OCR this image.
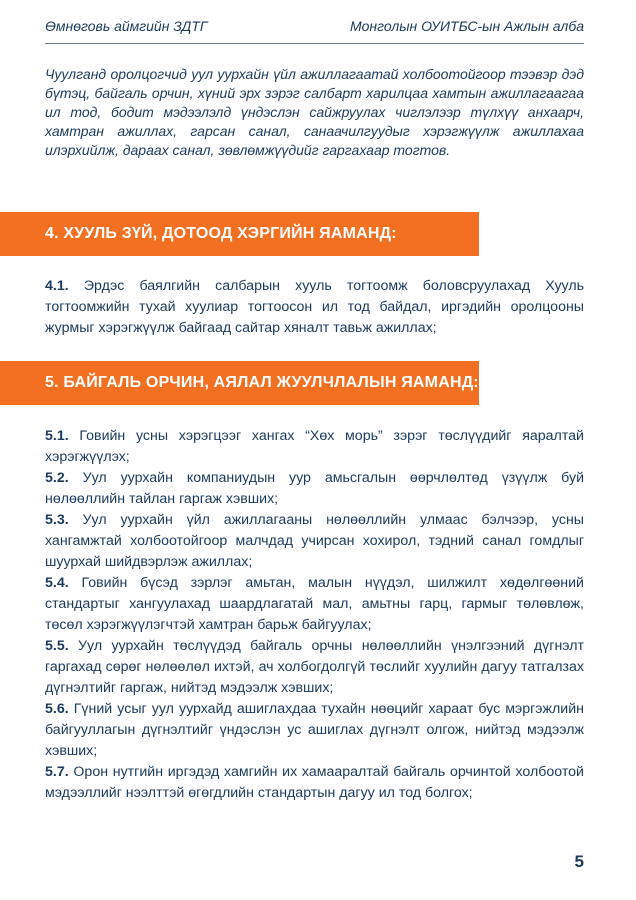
Өмнөговь аймгийн ЗДТГ	Монголын ОУИТБС-ын Ажлын алба

Чуулганд оролцогчид уул уурхайн үйл ажиллагаатай холбоотойгоор тээвэр дэд бүтэц, байгаль орчин, хүний эрх зэрэг салбарт харилцаа хамтын ажиллагаагаа ил тод, бодит мэдээлэлд үндэслэн сайжруулах чиглэлээр түлхүү анхаарч, хамтран ажиллах, гарсан санал, санаачилгуудыг хэрэгжүүлж ажиллахаа илэрхийлж, дараах санал, зөвлөмжүүдийг гаргахаар тогтов.

4. ХУУЛЬ ЗҮЙ, ДОТООД ХЭРГИЙН ЯАМАНД:

4.1. Эрдэс баялгийн салбарын хууль тогтоомж боловсруулахад Хууль тогтоомжийн тухай хуулиар тогтоосон ил тод байдал, иргэдийн оролцооны журмыг хэрэгжүүлж байгаад сайтар хяналт тавьж ажиллах;

5. БАЙГАЛЬ ОРЧИН, АЯЛАЛ ЖУУЛЧЛАЛЫН ЯАМАНД:

5.1. Говийн усны хэрэгцээг хангах “Хөх морь” зэрэг төслүүдийг яаралтай хэрэгжүүлэх;

5.2. Уул уурхайн компаниудын уур амьсгалын өөрчлөлтөд үзүүлж буй нөлөөллийн тайлан гаргаж хэвших;

5.3. Уул уурхайн үйл ажиллагааны нөлөөллийн улмаас бэлчээр, усны хангамжтай холбоотойгоор малчдад учирсан хохирол, тэдний санал гомдлыг шуурхай шийдвэрлэж ажиллах;

5.4. Говийн бүсэд зэрлэг амьтан, малын нүүдэл, шилжилт хөдөлгөөний стандартыг хангуулахад шаардлагатай мал, амьтны гарц, гармыг төлөвлөж, төсөл хэрэгжүүлэгчтэй хамтран барьж байгуулах;

5.5. Уул уурхайн төслүүдэд байгаль орчны нөлөөллийн үнэлгээний дүгнэлт гаргахад сөрөг нөлөөлөл ихтэй, ач холбогдолгүй төслийг хуулийн дагуу татгалзах дүгнэлтийг гаргаж, нийтэд мэдээлж хэвших;

5.6. Гүний усыг уул уурхайд ашиглахдаа тухайн нөөцийг хараат бус мэргэжлийн байгууллагын дүгнэлтийг үндэслэн ус ашиглах дүгнэлт олгож, нийтэд мэдээлж хэвших;

5.7. Орон нутгийн иргэдэд хамгийн их хамааралтай байгаль орчинтой холбоотой мэдээллийг нээлттэй өгөгдлийн стандартын дагуу ил тод болгох;

5
